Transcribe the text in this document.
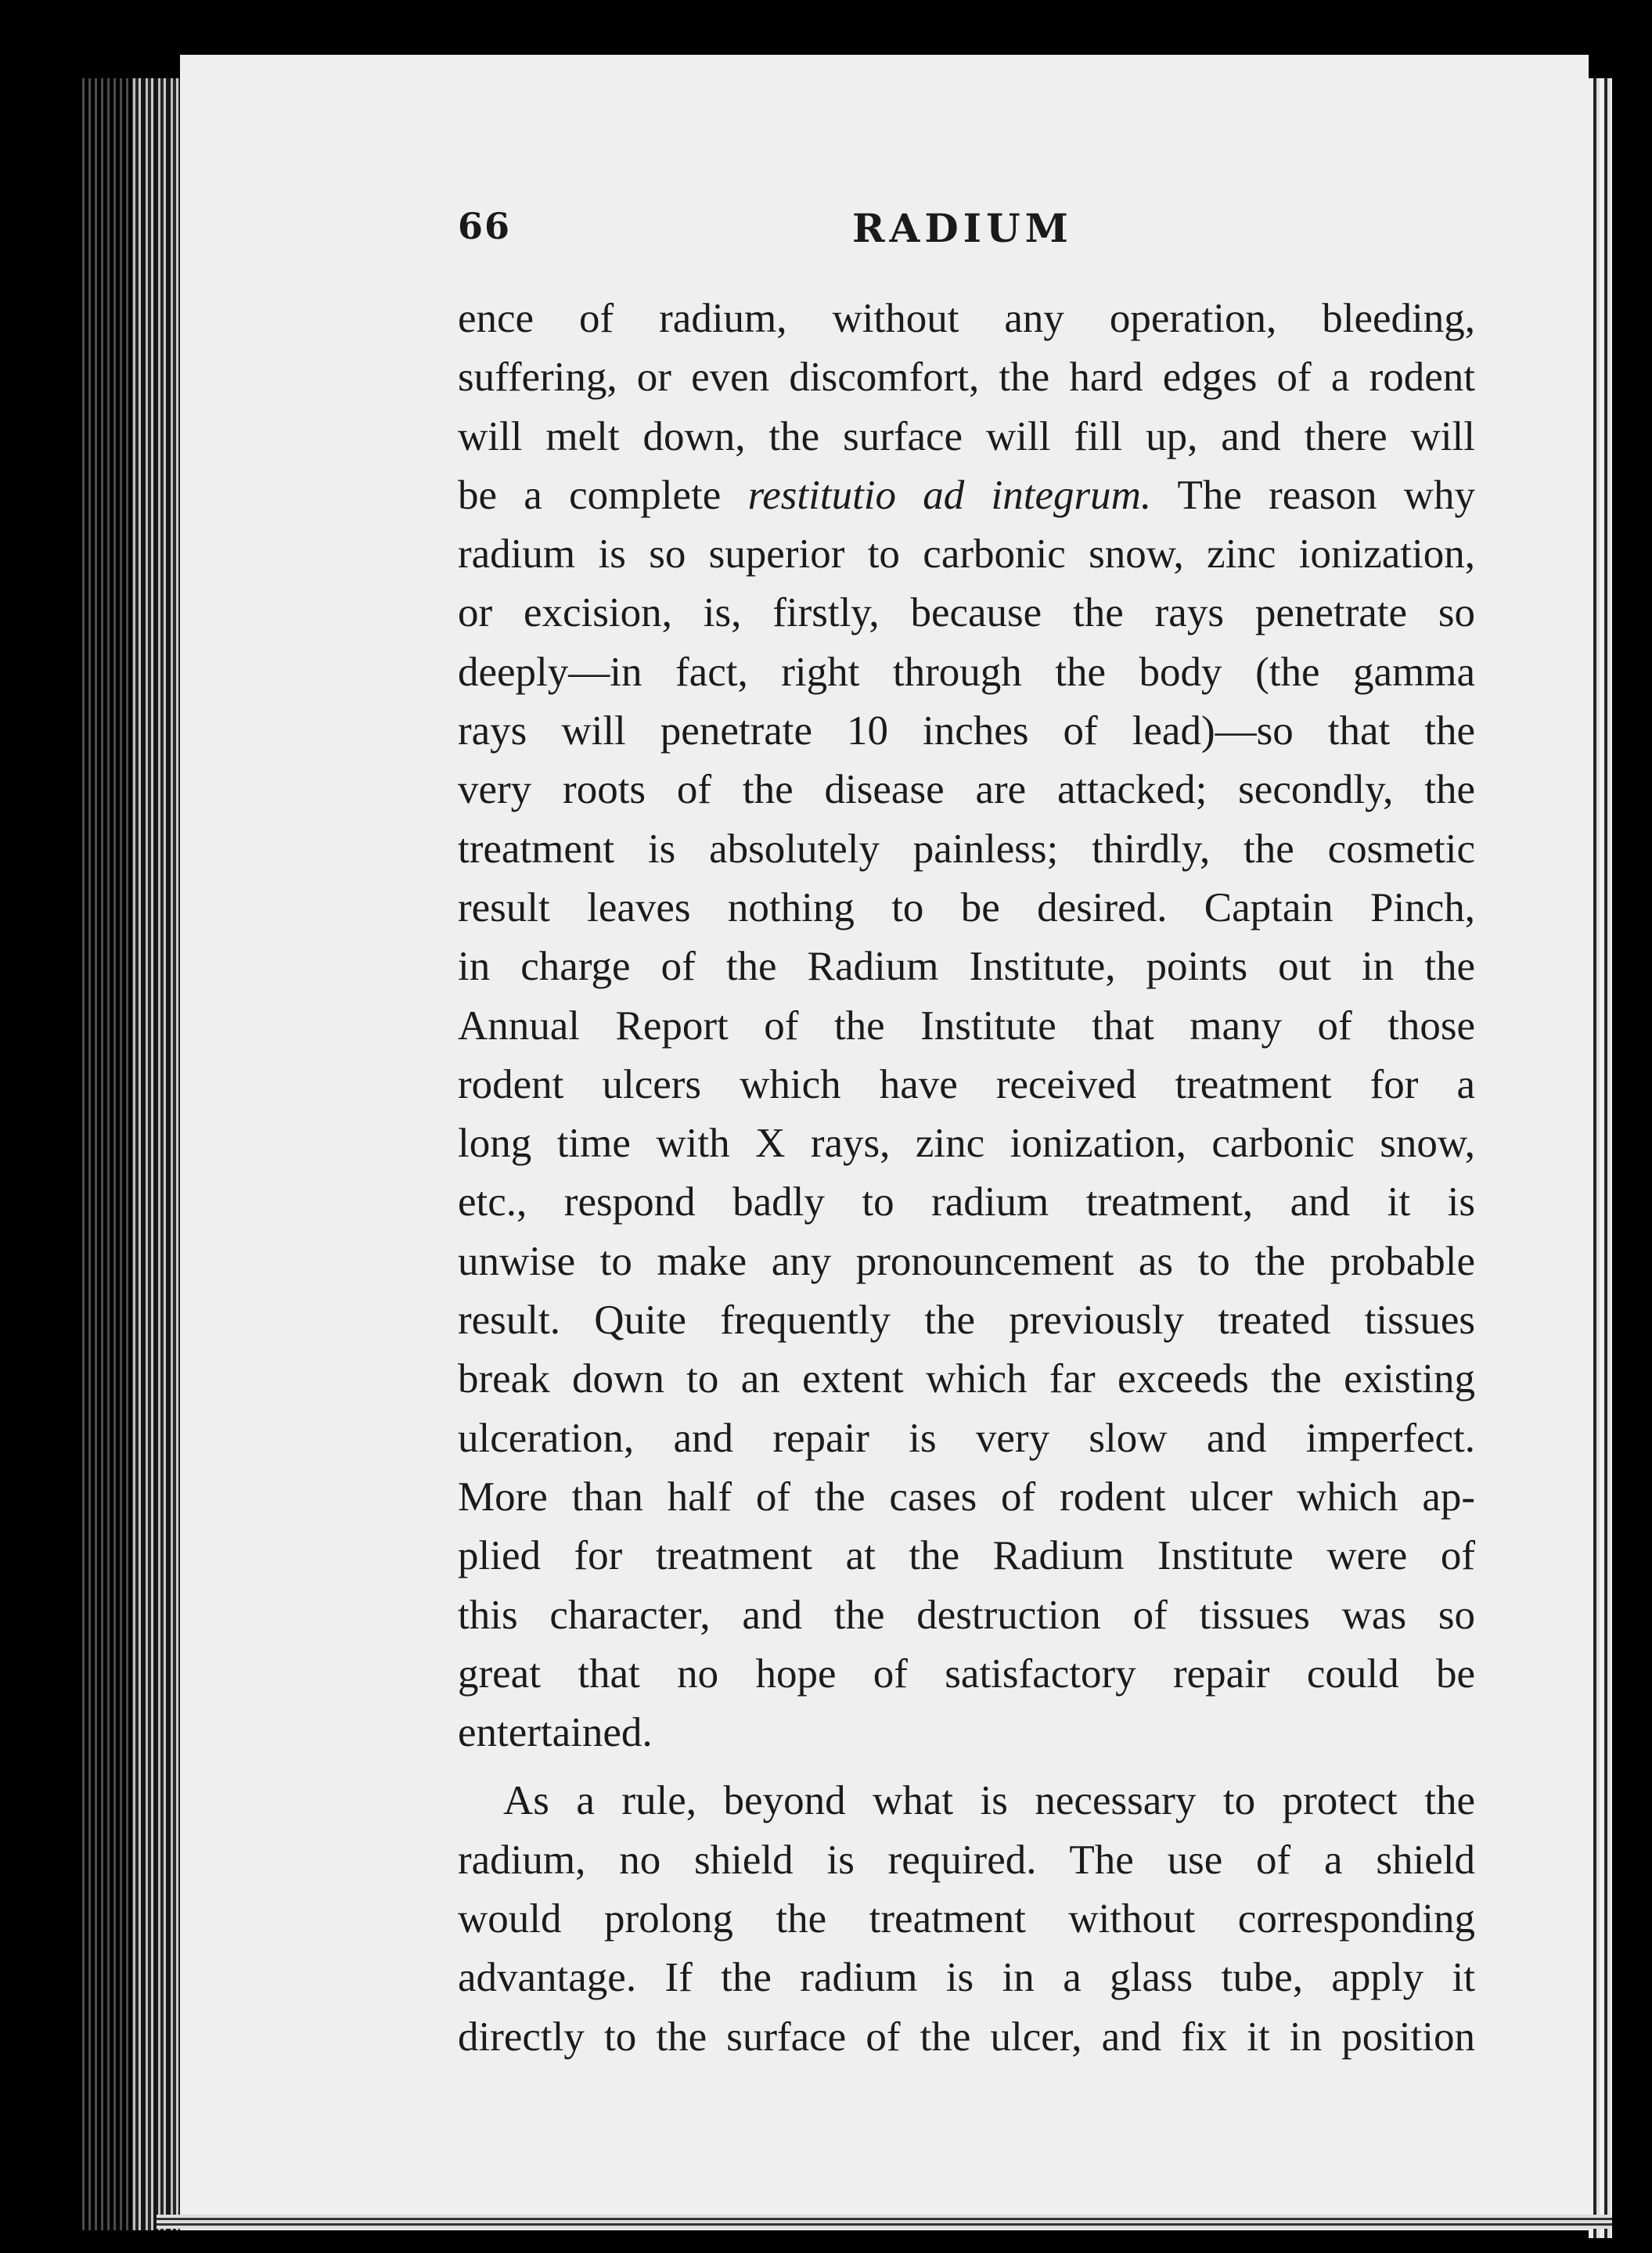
66	RADIUM
ence of radium, without any operation, bleeding,
suffering, or even discomfort, the hard edges of a rodent
will melt down, the surface will fill up, and there will
be a complete restitutio ad integrum. The reason why
radium is so superior to carbonic snow, zinc ionization,
or excision, is, firstly, because the rays penetrate so
deeply—in fact, right through the body (the gamma
rays will penetrate 10 inches of lead)—so that the
very roots of the disease are attacked; secondly, the
treatment is absolutely painless; thirdly, the cosmetic
result leaves nothing to be desired. Captain Pinch,
in charge of the Radium Institute, points out in the
Annual Report of the Institute that many of those
rodent ulcers which have received treatment for a
long time with X rays, zinc ionization, carbonic snow,
etc., respond badly to radium treatment, and it is
unwise to make any pronouncement as to the probable
result. Quite frequently the previously treated tissues
break down to an extent which far exceeds the existing
ulceration, and repair is very slow and imperfect.
More than half of the cases of rodent ulcer which ap-
plied for treatment at the Radium Institute were of
this character, and the destruction of tissues was so
great that no hope of satisfactory repair could be
entertained.
As a rule, beyond what is necessary to protect the
radium, no shield is required. The use of a shield
would prolong the treatment without corresponding
advantage. If the radium is in a glass tube, apply it
directly to the surface of the ulcer, and fix it in position
